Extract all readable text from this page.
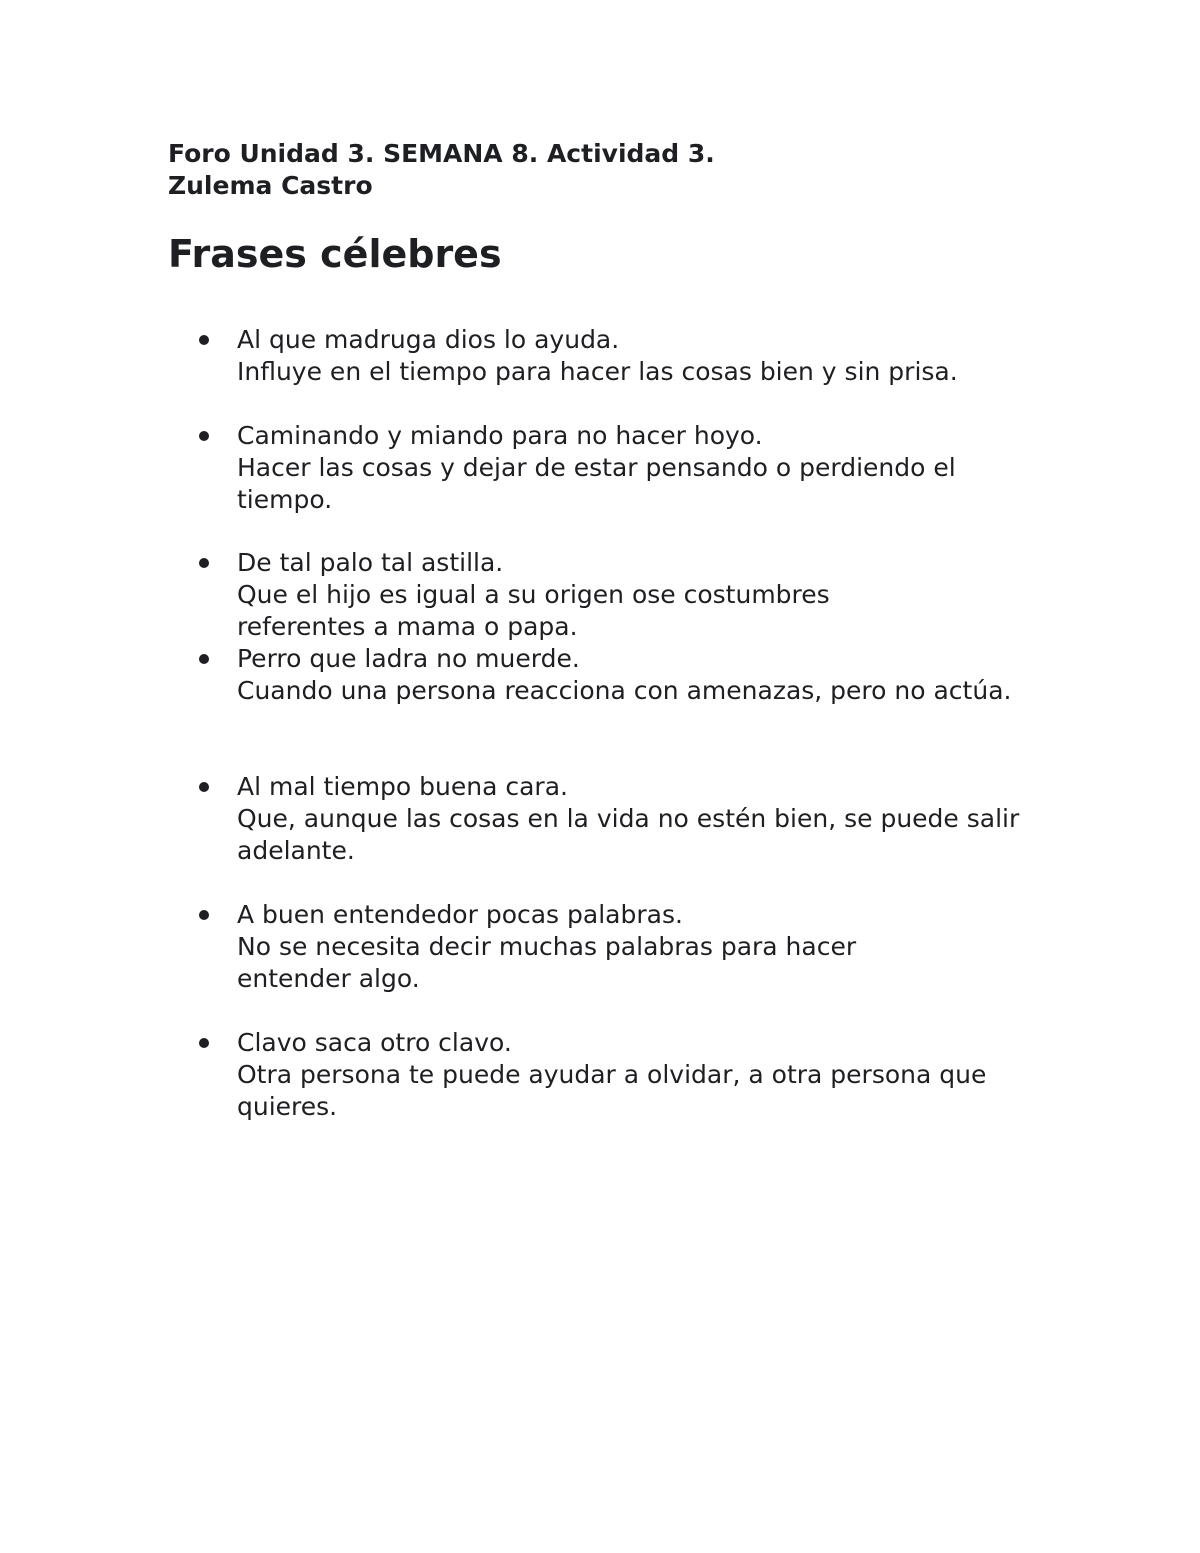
Foro Unidad 3. SEMANA 8. Actividad 3.
Zulema Castro
Frases célebres
Al que madruga dios lo ayuda.
Influye en el tiempo para hacer las cosas bien y sin prisa.
Caminando y miando para no hacer hoyo.
Hacer las cosas y dejar de estar pensando o perdiendo el tiempo.
De tal palo tal astilla.
Que el hijo es igual a su origen ose costumbres referentes a mama o papa.
Perro que ladra no muerde.
Cuando una persona reacciona con amenazas, pero no actúa.
Al mal tiempo buena cara.
Que, aunque las cosas en la vida no estén bien, se puede salir adelante.
A buen entendedor pocas palabras.
No se necesita decir muchas palabras para hacer entender algo.
Clavo saca otro clavo.
Otra persona te puede ayudar a olvidar, a otra persona que quieres.
